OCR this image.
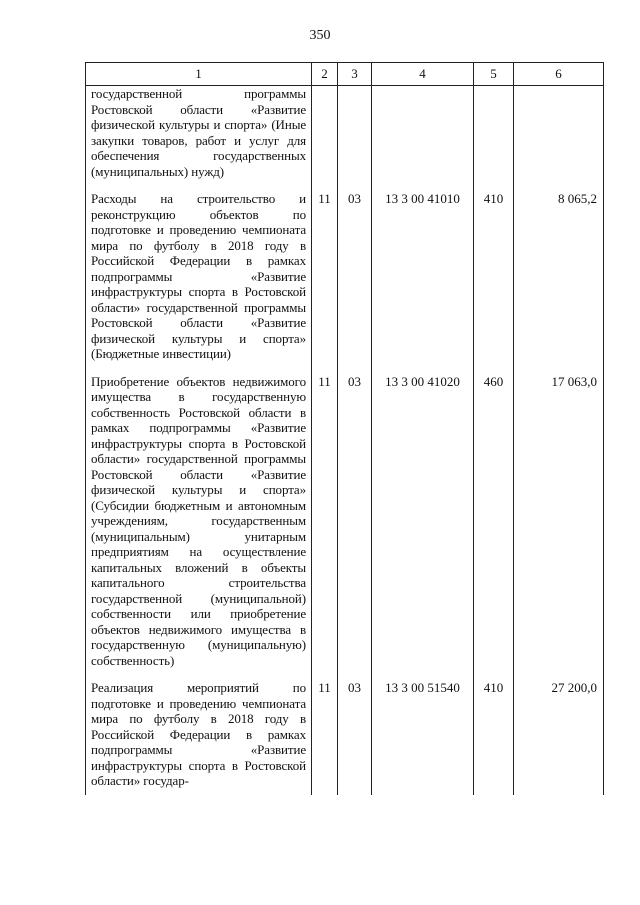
350
1	2	3	4	5	6
государственной программы Ростовской области «Развитие физической культуры и спорта» (Иные закупки товаров, работ и услуг для обеспечения государственных (муниципальных) нужд)					
Расходы на строительство и реконструкцию объектов по подготовке и проведению чемпионата мира по футболу в 2018 году в Российской Федерации в рамках подпрограммы «Развитие инфраструктуры спорта в Ростовской области» государственной программы Ростовской области «Развитие физической культуры и спорта» (Бюджетные инвестиции)	11	03	13 3 00 41010	410	8 065,2
Приобретение объектов недвижимого имущества в государственную собственность Ростовской области в рамках подпрограммы «Развитие инфраструктуры спорта в Ростовской области» государственной программы Ростовской области «Развитие физической культуры и спорта» (Субсидии бюджетным и автономным учреждениям, государственным (муниципальным) унитарным предприятиям на осуществление капитальных вложений в объекты капитального строительства государственной (муниципальной) собственности или приобретение объектов недвижимого имущества в государственную (муниципальную) собственность)	11	03	13 3 00 41020	460	17 063,0
Реализация мероприятий по подготовке и проведению чемпионата мира по футболу в 2018 году в Российской Федерации в рамках подпрограммы «Развитие инфраструктуры спорта в Ростовской области» государ-	11	03	13 3 00 51540	410	27 200,0
